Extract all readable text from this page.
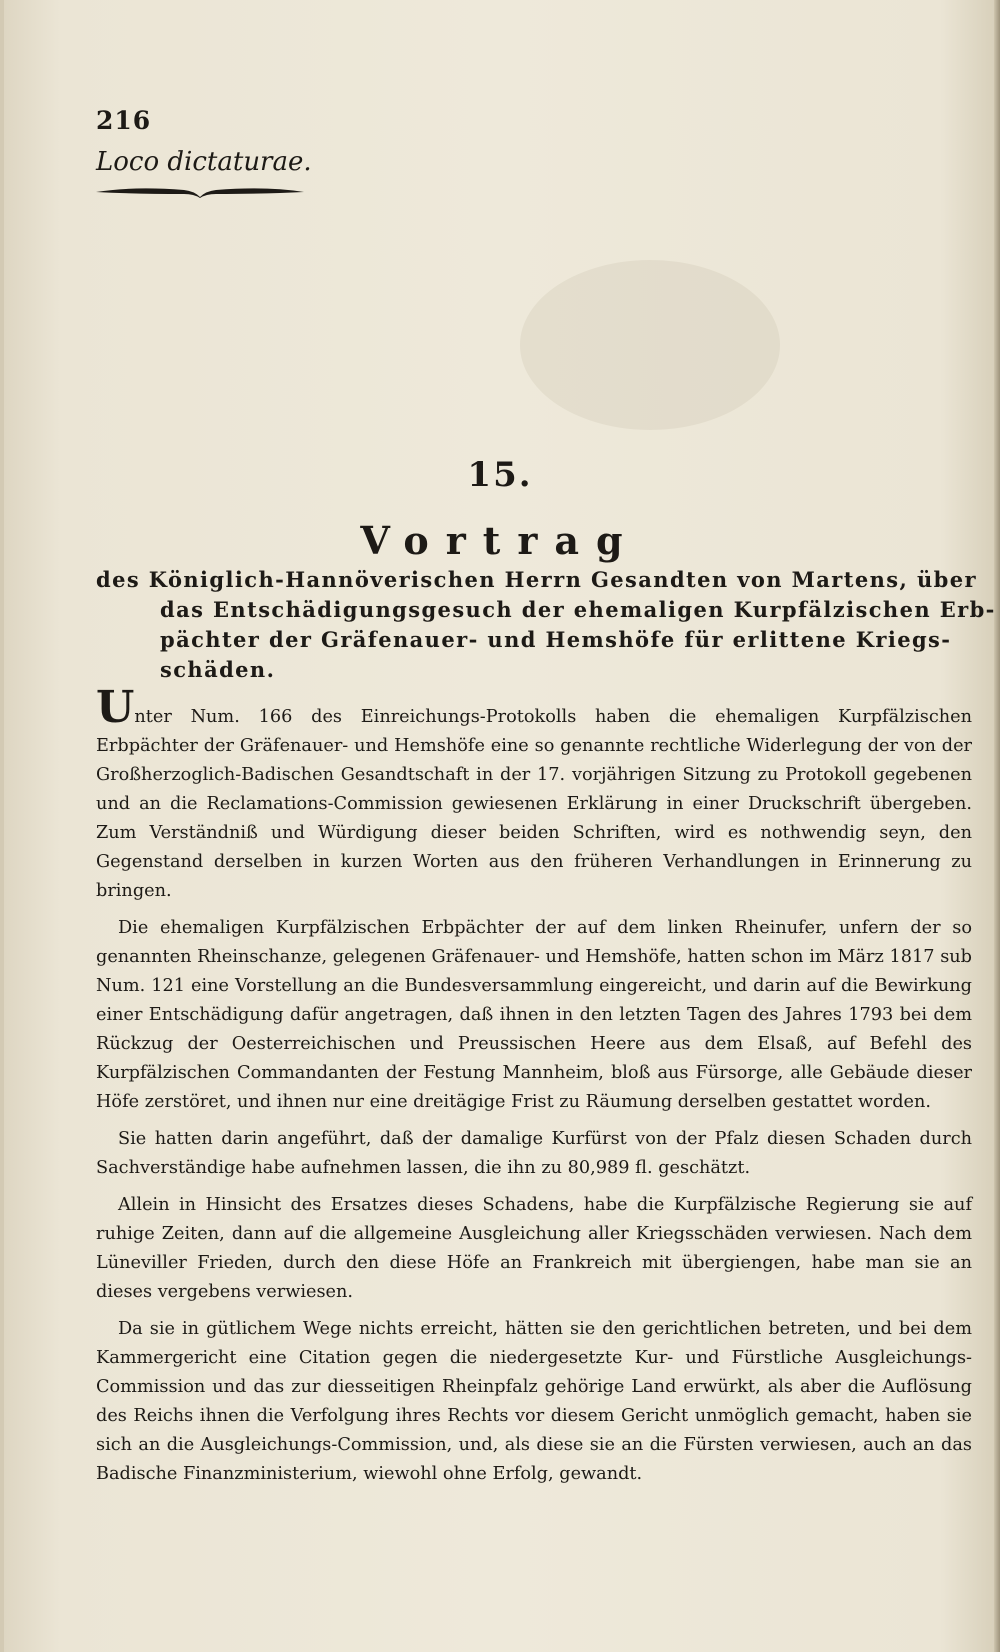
216
Loco dictaturae.
15.
Vortrag
des Königlich-Hannöverischen Herrn Gesandten von Martens, über
das Entschädigungsgesuch der ehemaligen Kurpfälzischen Erb-
pächter der Gräfenauer- und Hemshöfe für erlittene Kriegs-
schäden.

Unter Num. 166 des Einreichungs-Protokolls haben die ehemaligen Kurpfälzischen Erbpächter der Gräfenauer- und Hemshöfe eine so genannte rechtliche Widerlegung der von der Großherzoglich-Badischen Gesandtschaft in der 17. vorjährigen Sitzung zu Protokoll gegebenen und an die Reclamations-Commission gewiesenen Erklärung in einer Druckschrift übergeben. Zum Verständniß und Würdigung dieser beiden Schriften, wird es nothwendig seyn, den Gegenstand derselben in kurzen Worten aus den früheren Verhandlungen in Erinnerung zu bringen.

Die ehemaligen Kurpfälzischen Erbpächter der auf dem linken Rheinufer, unfern der so genannten Rheinschanze, gelegenen Gräfenauer- und Hemshöfe, hatten schon im März 1817 sub Num. 121 eine Vorstellung an die Bundesversammlung eingereicht, und darin auf die Bewirkung einer Entschädigung dafür angetragen, daß ihnen in den letzten Tagen des Jahres 1793 bei dem Rückzug der Oesterreichischen und Preussischen Heere aus dem Elsaß, auf Befehl des Kurpfälzischen Commandanten der Festung Mannheim, bloß aus Fürsorge, alle Gebäude dieser Höfe zerstöret, und ihnen nur eine dreitägige Frist zu Räumung derselben gestattet worden.

Sie hatten darin angeführt, daß der damalige Kurfürst von der Pfalz diesen Schaden durch Sachverständige habe aufnehmen lassen, die ihn zu 80,989 fl. geschätzt.

Allein in Hinsicht des Ersatzes dieses Schadens, habe die Kurpfälzische Regierung sie auf ruhige Zeiten, dann auf die allgemeine Ausgleichung aller Kriegsschäden verwiesen. Nach dem Lüneviller Frieden, durch den diese Höfe an Frankreich mit übergiengen, habe man sie an dieses vergebens verwiesen.

Da sie in gütlichem Wege nichts erreicht, hätten sie den gerichtlichen betreten, und bei dem Kammergericht eine Citation gegen die niedergesetzte Kur- und Fürstliche Ausgleichungs-Commission und das zur diesseitigen Rheinpfalz gehörige Land erwürkt, als aber die Auflösung des Reichs ihnen die Verfolgung ihres Rechts vor diesem Gericht unmöglich gemacht, haben sie sich an die Ausgleichungs-Commission, und, als diese sie an die Fürsten verwiesen, auch an das Badische Finanzministerium, wiewohl ohne Erfolg, gewandt.
